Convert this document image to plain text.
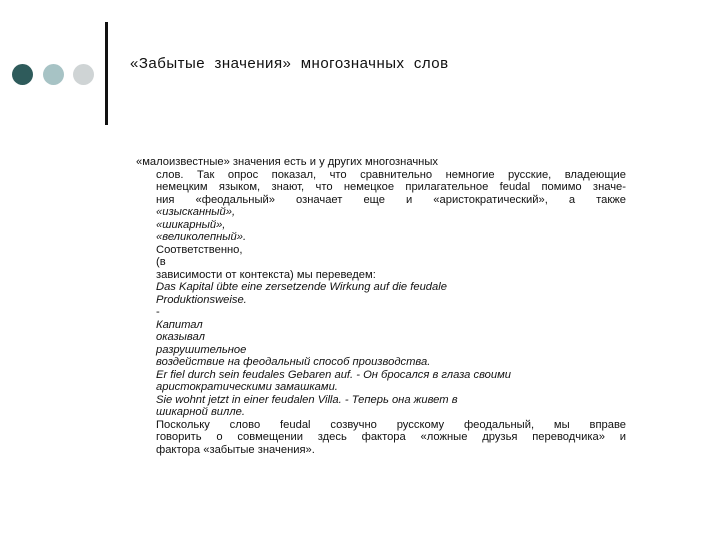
«Забытые  значения»  многозначных  слов
«малоизвестные» значения есть и у других многозначных
слов. Так опрос показал, что сравнительно немногие русские, владеющие
немецким языком, знают, что немецкое прилагательное feudal помимо значе-
ния «феодальный» означает еще и «аристократический», а также
«изысканный»,
«шикарный»,
«великолепный».
Соответственно,
(в
зависимости от контекста) мы переведем:
Das Kapital übte eine zersetzende Wirkung auf die feudale
Produktionsweise.
-
Капитал
оказывал
разрушительное
воздействие на феодальный способ производства.
Er fiel durch sein feudales Gebaren auf. - Он бросался в глаза своими
аристократическими замашками.
Sie wohnt jetzt in einer feudalen Villa. - Теперь она живет в
шикарной вилле.
Поскольку слово feudal созвучно русскому феодальный, мы вправе
говорить о совмещении здесь фактора «ложные друзья переводчика» и
фактора «забытые значения».
